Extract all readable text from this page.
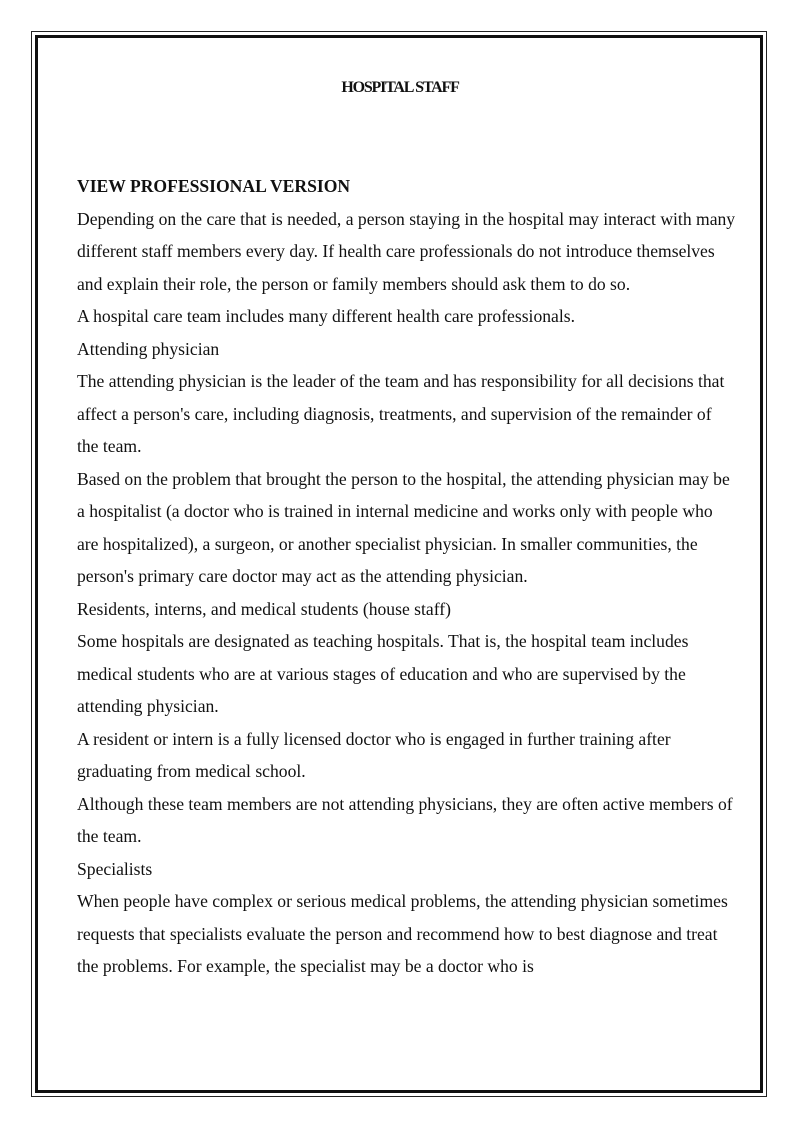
HOSPITAL STAFF

VIEW PROFESSIONAL VERSION

Depending on the care that is needed, a person staying in the hospital may interact with many different staff members every day. If health care professionals do not introduce themselves and explain their role, the person or family members should ask them to do so.

A hospital care team includes many different health care professionals.

Attending physician

The attending physician is the leader of the team and has responsibility for all decisions that affect a person's care, including diagnosis, treatments, and supervision of the remainder of the team.

Based on the problem that brought the person to the hospital, the attending physician may be a hospitalist (a doctor who is trained in internal medicine and works only with people who are hospitalized), a surgeon, or another specialist physician. In smaller communities, the person's primary care doctor may act as the attending physician.

Residents, interns, and medical students (house staff)

Some hospitals are designated as teaching hospitals. That is, the hospital team includes medical students who are at various stages of education and who are supervised by the attending physician.

A resident or intern is a fully licensed doctor who is engaged in further training after graduating from medical school.

Although these team members are not attending physicians, they are often active members of the team.

Specialists

When people have complex or serious medical problems, the attending physician sometimes requests that specialists evaluate the person and recommend how to best diagnose and treat the problems. For example, the specialist may be a doctor who is
